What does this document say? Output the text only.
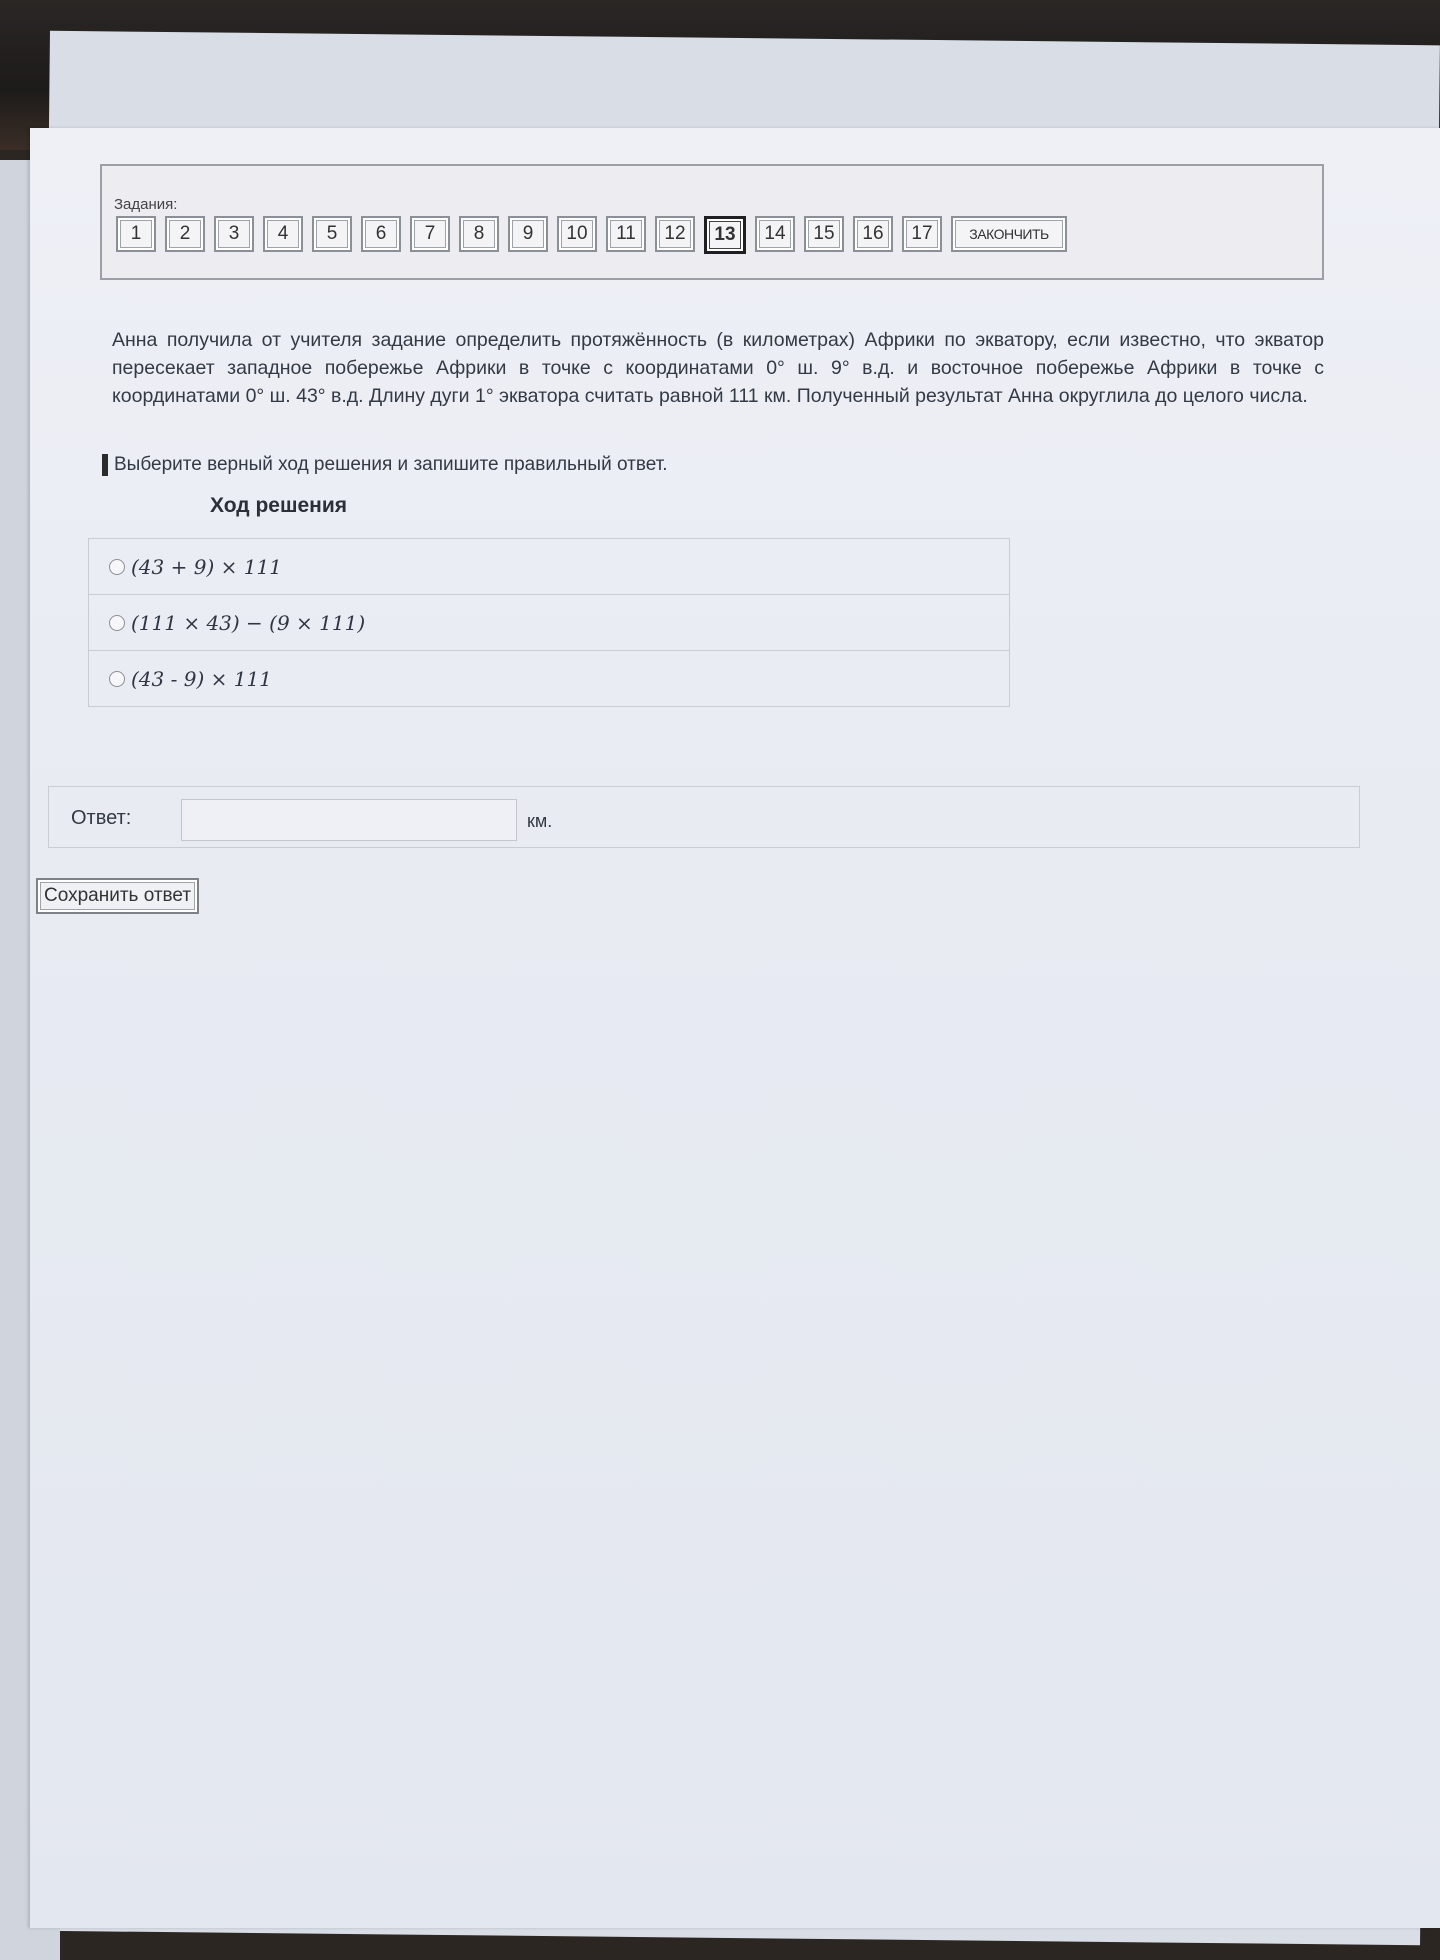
Задания:
1	2	3	4	5	6	7	8	9	10	11	12	13	14	15	16	17	ЗАКОНЧИТЬ
Анна получила от учителя задание определить протяжённость (в километрах) Африки по экватору, если известно, что экватор пересекает западное побережье Африки в точке с координатами 0° ш. 9° в.д. и восточное побережье Африки в точке с координатами 0° ш. 43° в.д. Длину дуги 1° экватора считать равной 111 км. Полученный результат Анна округлила до целого числа.
Выберите верный ход решения и запишите правильный ответ.
Ход решения
(43 + 9) × 111
(111 × 43) − (9 × 111)
(43 - 9) × 111
Ответ:	км.
Сохранить ответ
